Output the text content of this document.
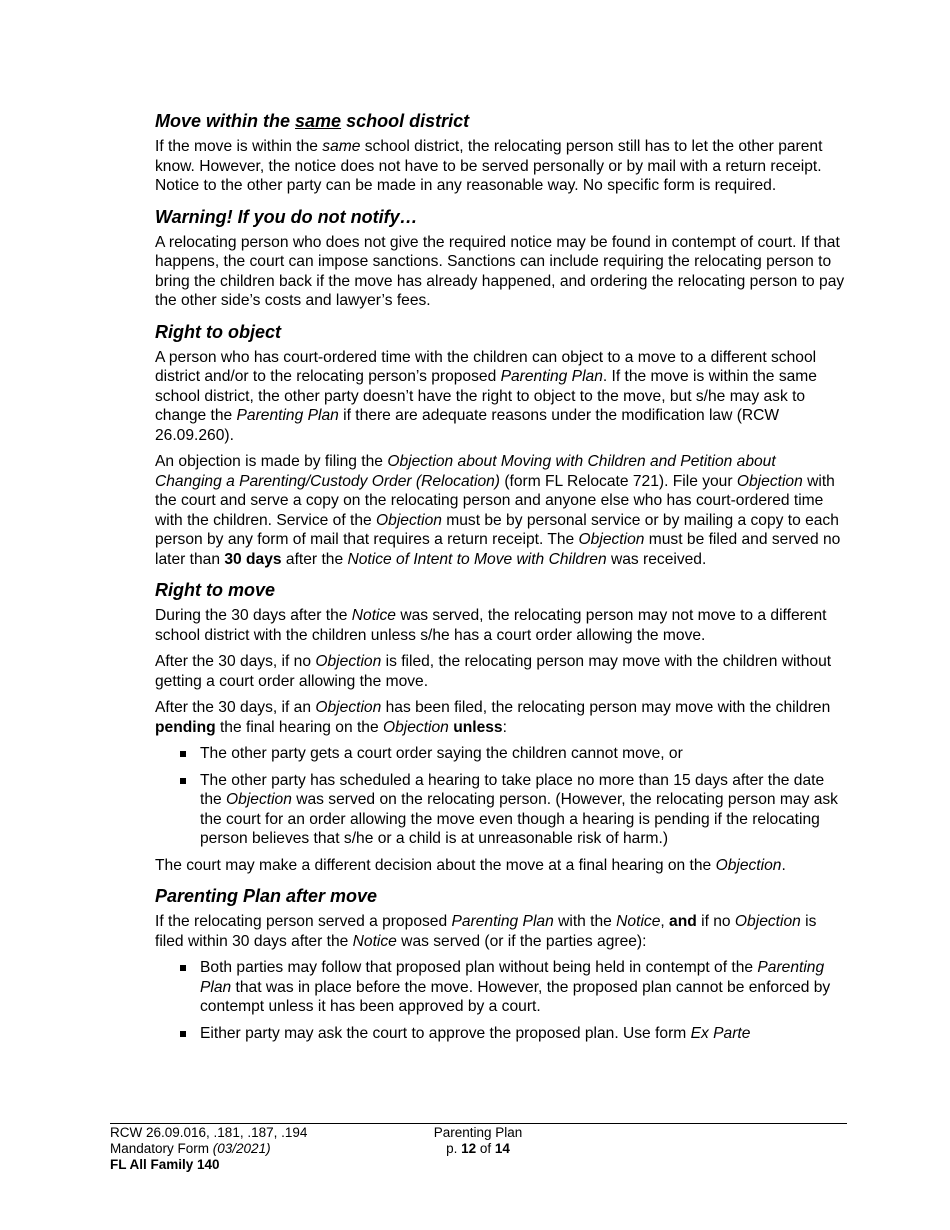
Move within the same school district

If the move is within the same school district, the relocating person still has to let the other parent know. However, the notice does not have to be served personally or by mail with a return receipt. Notice to the other party can be made in any reasonable way. No specific form is required.

Warning! If you do not notify…

A relocating person who does not give the required notice may be found in contempt of court. If that happens, the court can impose sanctions. Sanctions can include requiring the relocating person to bring the children back if the move has already happened, and ordering the relocating person to pay the other side’s costs and lawyer’s fees.

Right to object

A person who has court-ordered time with the children can object to a move to a different school district and/or to the relocating person’s proposed Parenting Plan. If the move is within the same school district, the other party doesn’t have the right to object to the move, but s/he may ask to change the Parenting Plan if there are adequate reasons under the modification law (RCW 26.09.260).

An objection is made by filing the Objection about Moving with Children and Petition about Changing a Parenting/Custody Order (Relocation) (form FL Relocate 721). File your Objection with the court and serve a copy on the relocating person and anyone else who has court-ordered time with the children. Service of the Objection must be by personal service or by mailing a copy to each person by any form of mail that requires a return receipt. The Objection must be filed and served no later than 30 days after the Notice of Intent to Move with Children was received.

Right to move

During the 30 days after the Notice was served, the relocating person may not move to a different school district with the children unless s/he has a court order allowing the move.

After the 30 days, if no Objection is filed, the relocating person may move with the children without getting a court order allowing the move.

After the 30 days, if an Objection has been filed, the relocating person may move with the children pending the final hearing on the Objection unless:

The other party gets a court order saying the children cannot move, or
The other party has scheduled a hearing to take place no more than 15 days after the date the Objection was served on the relocating person. (However, the relocating person may ask the court for an order allowing the move even though a hearing is pending if the relocating person believes that s/he or a child is at unreasonable risk of harm.)

The court may make a different decision about the move at a final hearing on the Objection.

Parenting Plan after move

If the relocating person served a proposed Parenting Plan with the Notice, and if no Objection is filed within 30 days after the Notice was served (or if the parties agree):

Both parties may follow that proposed plan without being held in contempt of the Parenting Plan that was in place before the move. However, the proposed plan cannot be enforced by contempt unless it has been approved by a court.
Either party may ask the court to approve the proposed plan. Use form Ex Parte
RCW 26.09.016, .181, .187, .194
Mandatory Form (03/2021)
FL All Family 140
Parenting Plan
p. 12 of 14
